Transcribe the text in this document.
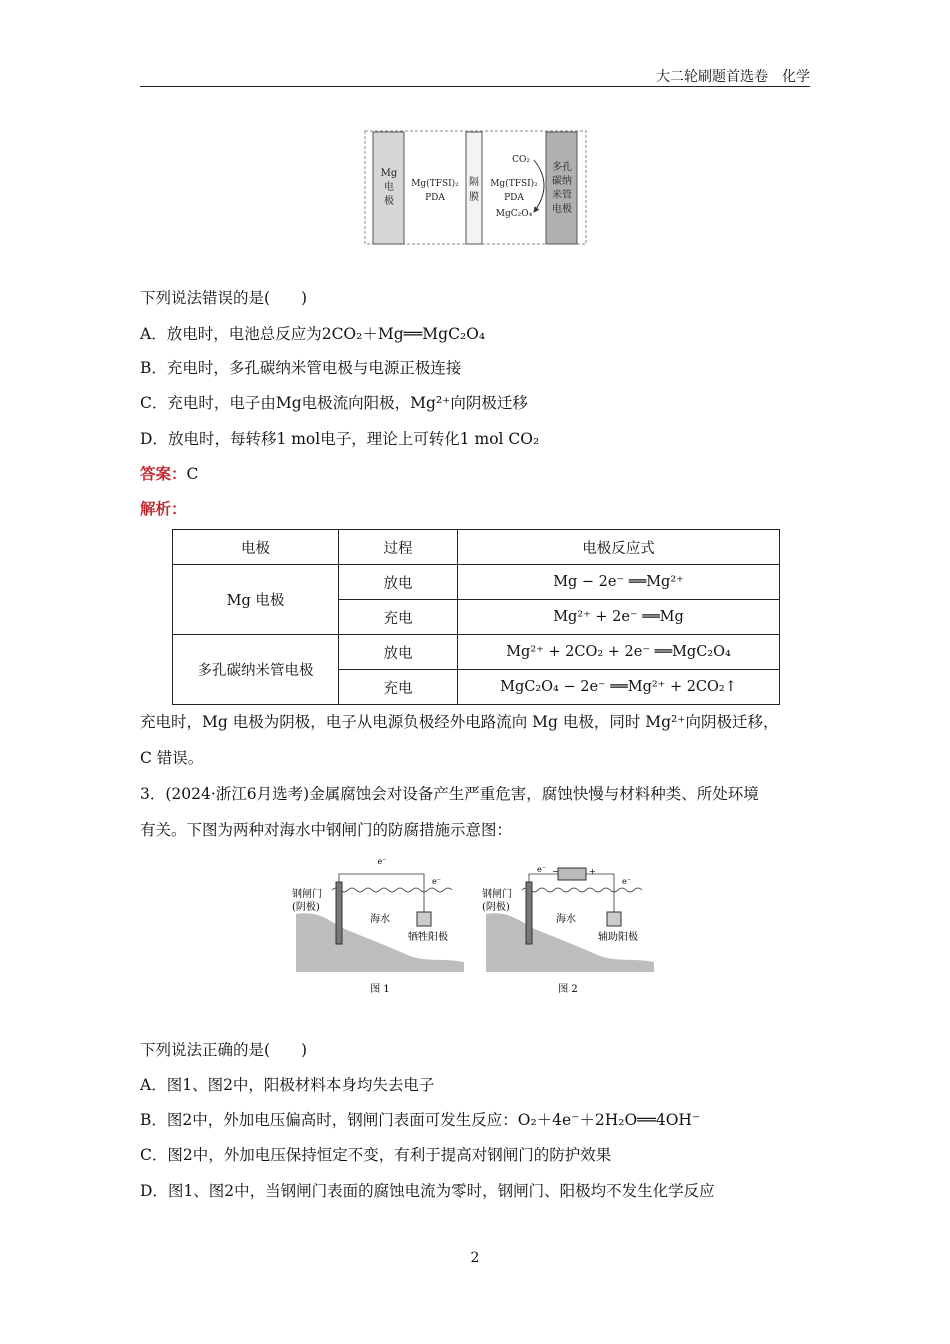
大二轮刷题首选卷　化学
Mg
电
极
Mg(TFSI)₂
PDA
隔
膜
CO₂
Mg(TFSI)₂
PDA
MgC₂O₄
多孔
碳纳
米管
电极
下列说法错误的是(　　)
A．放电时，电池总反应为2CO₂＋Mg══MgC₂O₄
B．充电时，多孔碳纳米管电极与电源正极连接
C．充电时，电子由Mg电极流向阳极，Mg²⁺向阴极迁移
D．放电时，每转移1 mol电子，理论上可转化1 mol CO₂
答案：C
解析：
电极	过程	电极反应式
Mg 电极	放电	Mg − 2e⁻ ══Mg²⁺
	充电	Mg²⁺ + 2e⁻ ══Mg
多孔碳纳米管电极	放电	Mg²⁺ + 2CO₂ + 2e⁻ ══MgC₂O₄
	充电	MgC₂O₄ − 2e⁻ ══Mg²⁺ + 2CO₂↑
充电时，Mg 电极为阴极，电子从电源负极经外电路流向 Mg 电极，同时 Mg²⁺向阴极迁移，
C 错误。
3．(2024·浙江6月选考)金属腐蚀会对设备产生严重危害，腐蚀快慢与材料种类、所处环境
有关。下图为两种对海水中钢闸门的防腐措施示意图：
e⁻
e⁻
钢闸门
(阴极)
海水
牺牲阳极
图 1
−	+
e⁻
e⁻
钢闸门
(阴极)
海水
辅助阳极
图 2
下列说法正确的是(　　)
A．图1、图2中，阳极材料本身均失去电子
B．图2中，外加电压偏高时，钢闸门表面可发生反应：O₂＋4e⁻＋2H₂O══4OH⁻
C．图2中，外加电压保持恒定不变，有利于提高对钢闸门的防护效果
D．图1、图2中，当钢闸门表面的腐蚀电流为零时，钢闸门、阳极均不发生化学反应
2
